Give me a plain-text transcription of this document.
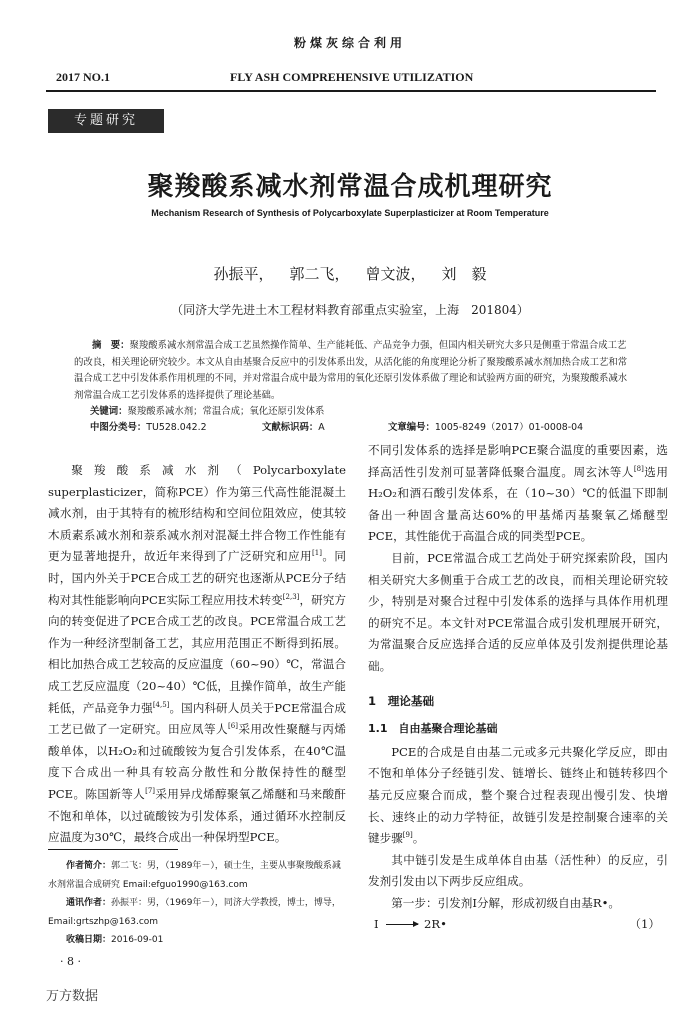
粉煤灰综合利用
2017 NO.1	FLY ASH COMPREHENSIVE UTILIZATION
专题研究
聚羧酸系减水剂常温合成机理研究
Mechanism Research of Synthesis of Polycarboxylate Superplasticizer at Room Temperature
孙振平， 郭二飞， 曾文波， 刘　毅
（同济大学先进土木工程材料教育部重点实验室，上海　201804）
摘　要：聚羧酸系减水剂常温合成工艺虽然操作简单、生产能耗低、产品竞争力强，但国内相关研究大多只是侧重于常温合成工艺的改良，相关理论研究较少。本文从自由基聚合反应中的引发体系出发，从活化能的角度理论分析了聚羧酸系减水剂加热合成工艺和常温合成工艺中引发体系作用机理的不同，并对常温合成中最为常用的氧化还原引发体系做了理论和试验两方面的研究，为聚羧酸系减水剂常温合成工艺引发体系的选择提供了理论基础。
关键词：聚羧酸系减水剂；常温合成；氧化还原引发体系
中图分类号：TU528.042.2	文献标识码：A	文章编号：1005-8249（2017）01-0008-04

聚羧酸系减水剂（Polycarboxylate superplasticizer，简称PCE）作为第三代高性能混凝土减水剂，由于其特有的梳形结构和空间位阻效应，使其较木质素系减水剂和萘系减水剂对混凝土拌合物工作性能有更为显著地提升，故近年来得到了广泛研究和应用[1]。同时，国内外关于PCE合成工艺的研究也逐渐从PCE分子结构对其性能影响向PCE实际工程应用技术转变[2,3]，研究方向的转变促进了PCE合成工艺的改良。PCE常温合成工艺作为一种经济型制备工艺，其应用范围正不断得到拓展。相比加热合成工艺较高的反应温度（60~90）℃，常温合成工艺反应温度（20~40）℃低，且操作简单，故生产能耗低，产品竞争力强[4,5]。国内科研人员关于PCE常温合成工艺已做了一定研究。田应凤等人[6]采用改性聚醚与丙烯酸单体，以H₂O₂和过硫酸铵为复合引发体系，在40℃温度下合成出一种具有较高分散性和分散保持性的醚型PCE。陈国新等人[7]采用异戊烯醇聚氧乙烯醚和马来酸酐不饱和单体，以过硫酸铵为引发体系，通过循环水控制反应温度为30℃，最终合成出一种保坍型PCE。

不同引发体系的选择是影响PCE聚合温度的重要因素，选择高活性引发剂可显著降低聚合温度。周玄沐等人[8]选用H₂O₂和酒石酸引发体系，在（10~30）℃的低温下即制备出一种固含量高达60%的甲基烯丙基聚氧乙烯醚型PCE，其性能优于高温合成的同类型PCE。

目前，PCE常温合成工艺尚处于研究探索阶段，国内相关研究大多侧重于合成工艺的改良，而相关理论研究较少，特别是对聚合过程中引发体系的选择与具体作用机理的研究不足。本文针对PCE常温合成引发机理展开研究，为常温聚合反应选择合适的反应单体及引发剂提供理论基础。

1　 理论基础
1.1　 自由基聚合理论基础

PCE的合成是自由基二元或多元共聚化学反应，即由不饱和单体分子经链引发、链增长、链终止和链转移四个基元反应聚合而成，整个聚合过程表现出慢引发、快增长、速终止的动力学特征，故链引发是控制聚合速率的关键步骤[9]。

其中链引发是生成单体自由基（活性种）的反应，引发剂引发由以下两步反应组成。

第一步：引发剂Ⅰ分解，形成初级自由基R•。

Ⅰ → 2R•	（1）
作者简介：郭二飞：男，（1989年－），硕士生，主要从事聚羧酸系减水剂常温合成研究 Email:efguo1990@163.com
通讯作者：孙振平：男，（1969年－），同济大学教授，博士，博导，Email:grtszhp@163.com
收稿日期：2016-09-01
· 8 ·
万方数据
